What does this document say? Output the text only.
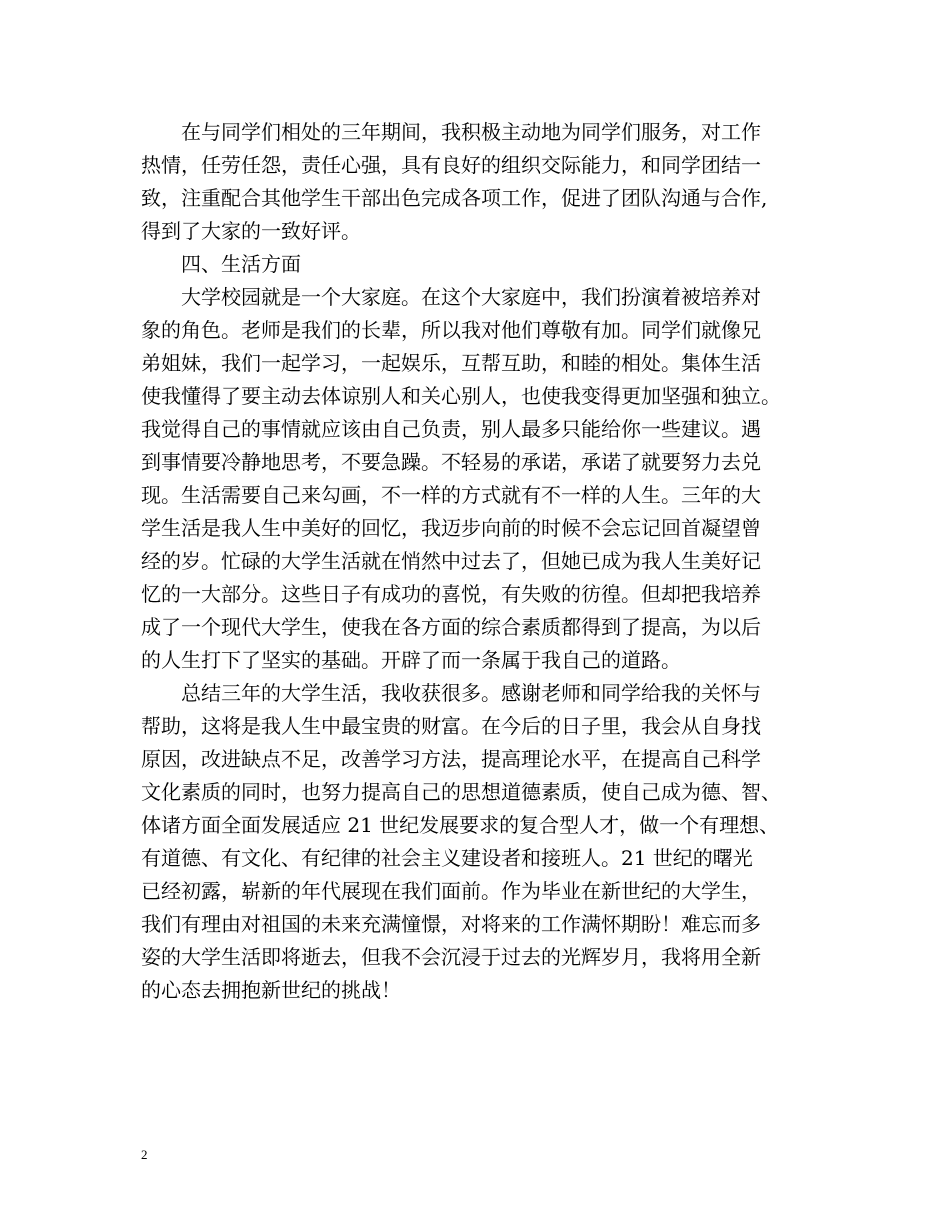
在与同学们相处的三年期间，我积极主动地为同学们服务，对工作
热情，任劳任怨，责任心强，具有良好的组织交际能力，和同学团结一
致，注重配合其他学生干部出色完成各项工作，促进了团队沟通与合作,
得到了大家的一致好评。
四、生活方面
大学校园就是一个大家庭。在这个大家庭中，我们扮演着被培养对
象的角色。老师是我们的长辈，所以我对他们尊敬有加。同学们就像兄
弟姐妹，我们一起学习，一起娱乐，互帮互助，和睦的相处。集体生活
使我懂得了要主动去体谅别人和关心别人，也使我变得更加坚强和独立。
我觉得自己的事情就应该由自己负责，别人最多只能给你一些建议。遇
到事情要冷静地思考，不要急躁。不轻易的承诺，承诺了就要努力去兑
现。生活需要自己来勾画，不一样的方式就有不一样的人生。三年的大
学生活是我人生中美好的回忆，我迈步向前的时候不会忘记回首凝望曾
经的岁。忙碌的大学生活就在悄然中过去了，但她已成为我人生美好记
忆的一大部分。这些日子有成功的喜悦，有失败的彷徨。但却把我培养
成了一个现代大学生，使我在各方面的综合素质都得到了提高，为以后
的人生打下了坚实的基础。开辟了而一条属于我自己的道路。
总结三年的大学生活，我收获很多。感谢老师和同学给我的关怀与
帮助，这将是我人生中最宝贵的财富。在今后的日子里，我会从自身找
原因，改进缺点不足，改善学习方法，提高理论水平，在提高自己科学
文化素质的同时，也努力提高自己的思想道德素质，使自己成为德、智、
体诸方面全面发展适应 21 世纪发展要求的复合型人才，做一个有理想、
有道德、有文化、有纪律的社会主义建设者和接班人。21 世纪的曙光
已经初露，崭新的年代展现在我们面前。作为毕业在新世纪的大学生，
我们有理由对祖国的未来充满憧憬，对将来的工作满怀期盼！难忘而多
姿的大学生活即将逝去，但我不会沉浸于过去的光辉岁月，我将用全新
的心态去拥抱新世纪的挑战！
2
